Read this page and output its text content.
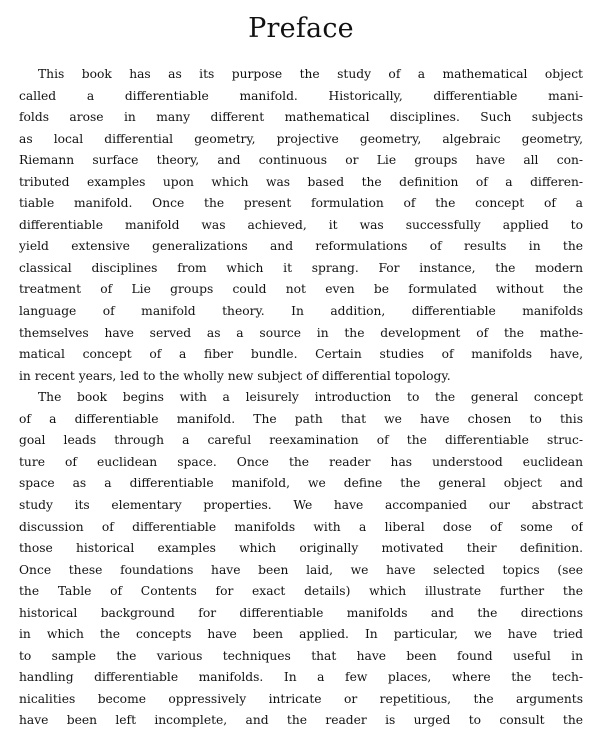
Preface
This book has as its purpose the study of a mathematical object
called a differentiable manifold. Historically, differentiable mani-
folds arose in many different mathematical disciplines. Such subjects
as local differential geometry, projective geometry, algebraic geometry,
Riemann surface theory, and continuous or Lie groups have all con-
tributed examples upon which was based the definition of a differen-
tiable manifold. Once the present formulation of the concept of a
differentiable manifold was achieved, it was successfully applied to
yield extensive generalizations and reformulations of results in the
classical disciplines from which it sprang. For instance, the modern
treatment of Lie groups could not even be formulated without the
language of manifold theory. In addition, differentiable manifolds
themselves have served as a source in the development of the mathe-
matical concept of a fiber bundle. Certain studies of manifolds have,
in recent years, led to the wholly new subject of differential topology.
The book begins with a leisurely introduction to the general concept
of a differentiable manifold. The path that we have chosen to this
goal leads through a careful reexamination of the differentiable struc-
ture of euclidean space. Once the reader has understood euclidean
space as a differentiable manifold, we define the general object and
study its elementary properties. We have accompanied our abstract
discussion of differentiable manifolds with a liberal dose of some of
those historical examples which originally motivated their definition.
Once these foundations have been laid, we have selected topics (see
the Table of Contents for exact details) which illustrate further the
historical background for differentiable manifolds and the directions
in which the concepts have been applied. In particular, we have tried
to sample the various techniques that have been found useful in
handling differentiable manifolds. In a few places, where the tech-
nicalities become oppressively intricate or repetitious, the arguments
have been left incomplete, and the reader is urged to consult the
